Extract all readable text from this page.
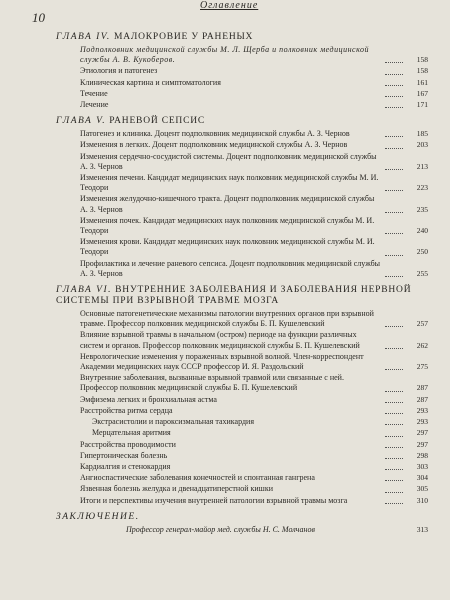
10
Оглавление
ГЛАВА IV. МАЛОКРОВИЕ У РАНЕНЫХ
Подполковник медицинской службы М. Л. Щерба и полковник медицинской службы А. В. Кукоберов.	158
Этиология и патогенез	158
Клиническая картина и симптоматология	161
Течение	167
Лечение	171
ГЛАВА V. РАНЕВОЙ СЕПСИС
Патогенез и клиника. Доцент подполковник медицинской службы А. З. Чернов	185
Изменения в легких. Доцент подполковник медицинской службы А. З. Чернов	203
Изменения сердечно-сосудистой системы. Доцент подполковник медицинской службы А. З. Чернов	213
Изменения печени. Кандидат медицинских наук полковник медицинской службы М. И. Теодори	223
Изменения желудочно-кишечного тракта. Доцент подполковник медицинской службы А. З. Чернов	235
Изменения почек. Кандидат медицинских наук полковник медицинской службы М. И. Теодори	240
Изменения крови. Кандидат медицинских наук полковник медицинской службы М. И. Теодори	250
Профилактика и лечение раневого сепсиса. Доцент подполковник медицинской службы А. З. Чернов	255
ГЛАВА VI. ВНУТРЕННИЕ ЗАБОЛЕВАНИЯ И ЗАБОЛЕВАНИЯ НЕРВНОЙ СИСТЕМЫ ПРИ ВЗРЫВНОЙ ТРАВМЕ МОЗГА
Основные патогенетические механизмы патологии внутренних органов при взрывной травме. Профессор полковник медицинской службы Б. П. Кушелевский	257
Влияние взрывной травмы в начальном (остром) периоде на функции различных систем и органов. Профессор полковник медицинской службы Б. П. Кушелевский	262
Неврологические изменения у пораженных взрывной волной. Член-корреспондент Академии медицинских наук СССР профессор И. Я. Раздольский	275
Внутренние заболевания, вызванные взрывной травмой или связанные с ней. Профессор полковник медицинской службы Б. П. Кушелевский	287
Эмфизема легких и бронхиальная астма	287
Расстройства ритма сердца	293
Экстрасистолии и пароксизмальная тахикардия	293
Мерцательная аритмия	297
Расстройства проводимости	297
Гипертоническая болезнь	298
Кардиалгия и стенокардия	303
Ангиоспастические заболевания конечностей и спонтанная гангрена	304
Язвенная болезнь желудка и двенадцатиперстной кишки	305
Итоги и перспективы изучения внутренней патологии взрывной травмы мозга	310
ЗАКЛЮЧЕНИЕ.
Профессор генерал-майор мед. службы Н. С. Молчанов	313
